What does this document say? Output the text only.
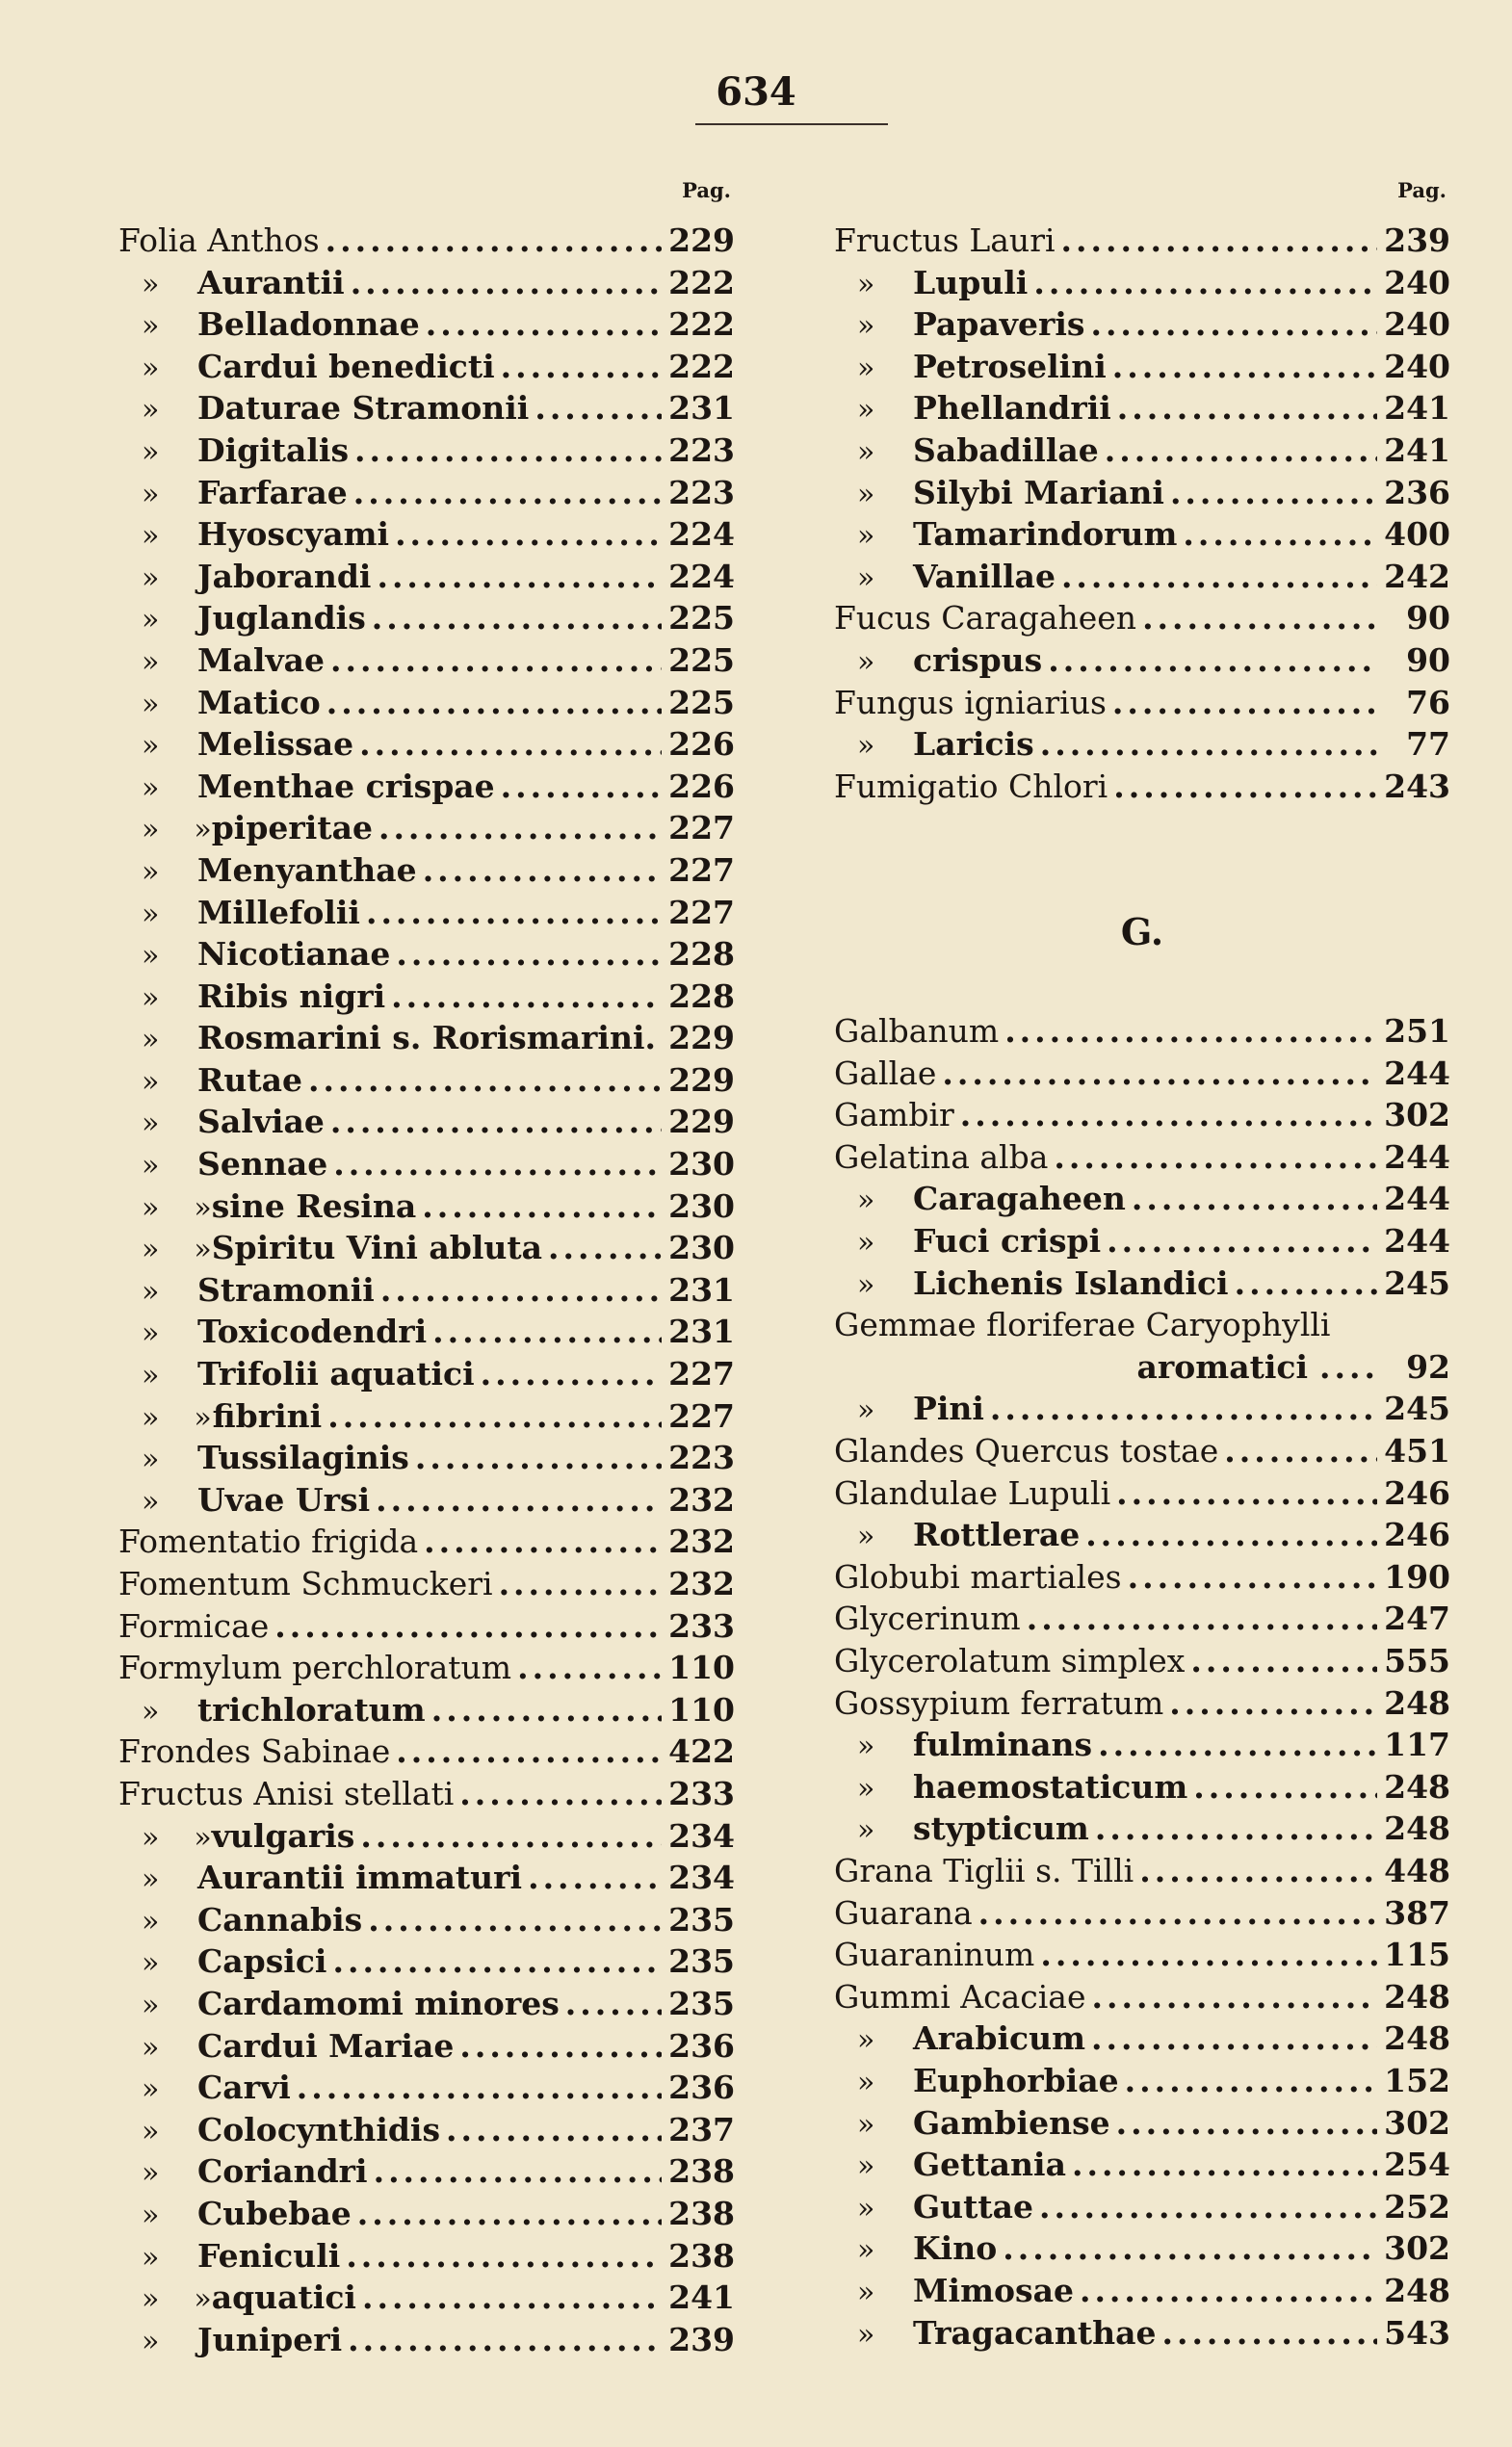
634
Pag.
Folia Anthos .....	229
»	Aurantii .....	222
»	Belladonnae .....	222
»	Cardui benedicti .....	222
»	Daturae Stramonii .....	231
»	Digitalis .....	223
»	Farfarae .....	223
»	Hyoscyami .....	224
»	Jaborandi .....	224
»	Juglandis .....	225
»	Malvae .....	225
»	Matico .....	225
»	Melissae .....	226
»	Menthae crispae .....	226
»	» piperitae .....	227
»	Menyanthae .....	227
»	Millefolii .....	227
»	Nicotianae .....	228
»	Ribis nigri .....	228
»	Rosmarini s. Rorismarini. 229
»	Rutae .....	229
»	Salviae .....	229
»	Sennae .....	230
»	» sine Resina .....	230
»	» Spiritu Vini abluta .....	230
»	Stramonii .....	231
»	Toxicodendri .....	231
»	Trifolii aquatici .....	227
»	» fibrini .....	227
»	Tussilaginis .....	223
»	Uvae Ursi .....	232
Fomentatio frigida .....	232
Fomentum Schmuckeri .....	232
Formicae .....	233
Formylum perchloratum .....	110
»	trichloratum .....	110
Frondes Sabinae .....	422
Fructus Anisi stellati .....	233
»	» vulgaris .....	234
»	Aurantii immaturi .....	234
»	Cannabis .....	235
»	Capsici .....	235
»	Cardamomi minores .....	235
»	Cardui Mariae .....	236
»	Carvi .....	236
»	Colocynthidis .....	237
»	Coriandri .....	238
»	Cubebae .....	238
»	Feniculi .....	238
»	» aquatici .....	241
»	Juniperi .....	239
Pag.
Fructus Lauri .....	239
»	Lupuli .....	240
»	Papaveris .....	240
»	Petroselini .....	240
»	Phellandrii .....	241
»	Sabadillae .....	241
»	Silybi Mariani .....	236
»	Tamarindorum .....	400
»	Vanillae .....	242
Fucus Caragaheen .....	90
»	crispus .....	90
Fungus igniarius .....	76
»	Laricis .....	77
Fumigatio Chlori .....	243
G.
Galbanum .....	251
Gallae .....	244
Gambir .....	302
Gelatina alba .....	244
»	Caragaheen .....	244
»	Fuci crispi .....	244
»	Lichenis Islandici .....	245
Gemmae floriferae Caryophylli
aromatici .....	92
»	Pini .....	245
Glandes Quercus tostae .....	451
Glandulae Lupuli .....	246
»	Rottlerae .....	246
Globubi martiales .....	190
Glycerinum .....	247
Glycerolatum simplex .....	555
Gossypium ferratum .....	248
»	fulminans .....	117
»	haemostaticum .....	248
»	stypticum .....	248
Grana Tiglii s. Tilli .....	448
Guarana .....	387
Guaraninum .....	115
Gummi Acaciae .....	248
»	Arabicum .....	248
»	Euphorbiae .....	152
»	Gambiense .....	302
»	Gettania .....	254
»	Guttae .....	252
»	Kino .....	302
»	Mimosae .....	248
»	Tragacanthae .....	543
